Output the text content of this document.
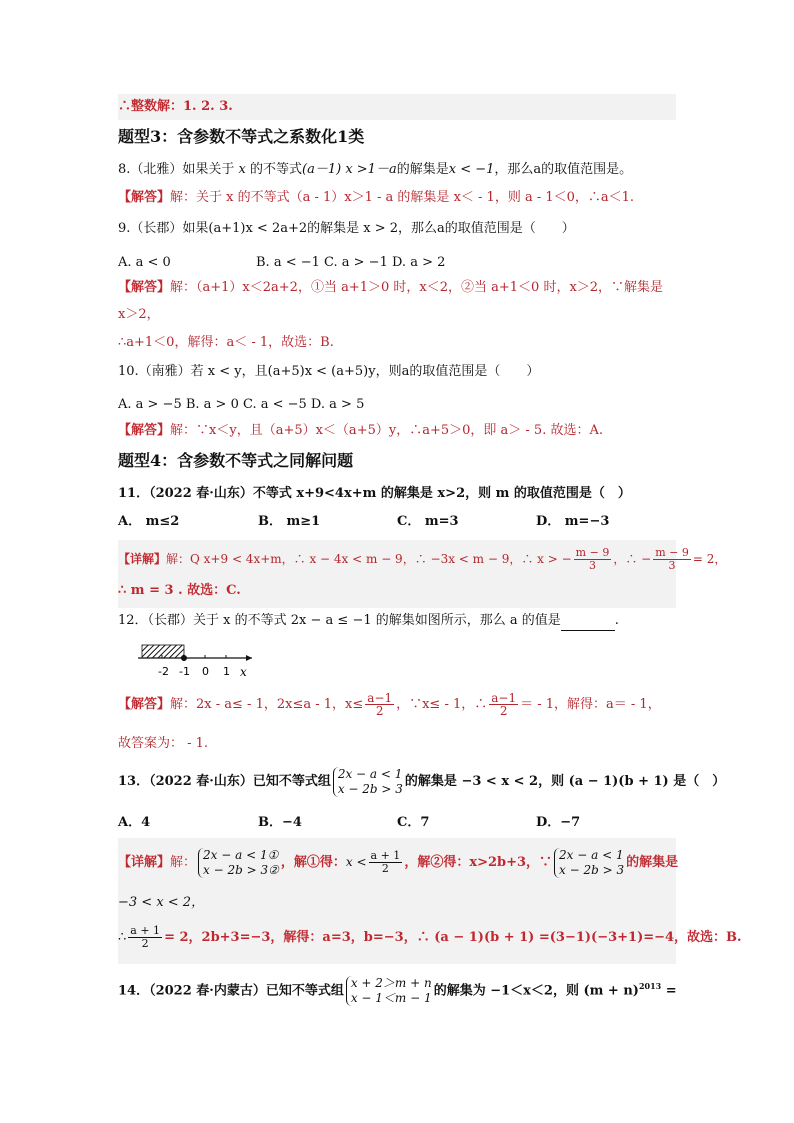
∴整数解：1. 2. 3.
题型3：含参数不等式之系数化1类
8.（北雅）如果关于 x 的不等式(a－1) x >1－a的解集是x < −1，那么a的取值范围是。
【解答】解：关于 x 的不等式（a - 1）x＞1 - a 的解集是 x＜ - 1，则 a - 1＜0，∴a＜1.
9.（长郡）如果(a+1)x < 2a+2的解集是 x > 2，那么a的取值范围是（　　）
A. a < 0	B. a < −1 C. a > −1 D. a > 2
【解答】解：（a+1）x＜2a+2，①当 a+1＞0 时，x＜2，②当 a+1＜0 时，x＞2，∵解集是
x＞2，
∴a+1＜0，解得：a＜ - 1，故选：B.
10.（南雅）若 x < y，且(a+5)x < (a+5)y，则a的取值范围是（　　）
A. a > −5 B. a > 0 C. a < −5 D. a > 5
【解答】解：∵x＜y，且（a+5）x＜（a+5）y，∴a+5＞0，即 a＞ - 5. 故选：A.
题型4：含参数不等式之同解问题
11．（2022 春·山东）不等式 x+9<4x+m 的解集是 x>2，则 m 的取值范围是（　）
A． m≤2	B． m≥1	C． m=3	D． m=−3
【详解】解：Q x+9 < 4x+m，∴ x − 4x < m − 9，∴ −3x < m − 9，∴ x > − $\frac{m - 9}{3}$ ，∴ − $\frac{m - 9}{3} = 2$，
∴ m = 3 . 故选：C.
12．（长郡）关于 x 的不等式 2x − a ≤ −1 的解集如图所示，那么 a 的值是	.
-2 -1 0 1 x
【解答】解：2x - a≤ - 1，2x≤a - 1，$x\le \frac{a-1}{2}$ ，∵x≤ - 1，∴ $\frac{a-1}{2}$ ＝ - 1，解得：a＝ - 1，
故答案为： - 1.
13．（2022 春·山东）已知不等式组
2x − a < 1
x − 2b > 3 的解集是 −3 < x < 2，则 (a − 1)(b + 1) 是（　）
A．4	B．−4	C．7	D．−7
【详解】解：
2x − a < 1①
x − 2b > 3② ，解①得：$x < \frac{a + 1}{2}$ ，解②得：x>2b+3，∵
2x − a < 1
x − 2b > 3 的解集是
−3 < x < 2，
∴ $\frac{a + 1}{2} = 2$，2b+3=−3，解得：a=3，b=−3，∴ (a − 1)(b + 1) =(3−1)(−3+1)=−4，故选：B.
14．（2022 春·内蒙古）已知不等式组
x + 2＞m + n
x − 1＜m − 1 的解集为 −1＜x＜2，则 $(m + n)^{2013}$ =
